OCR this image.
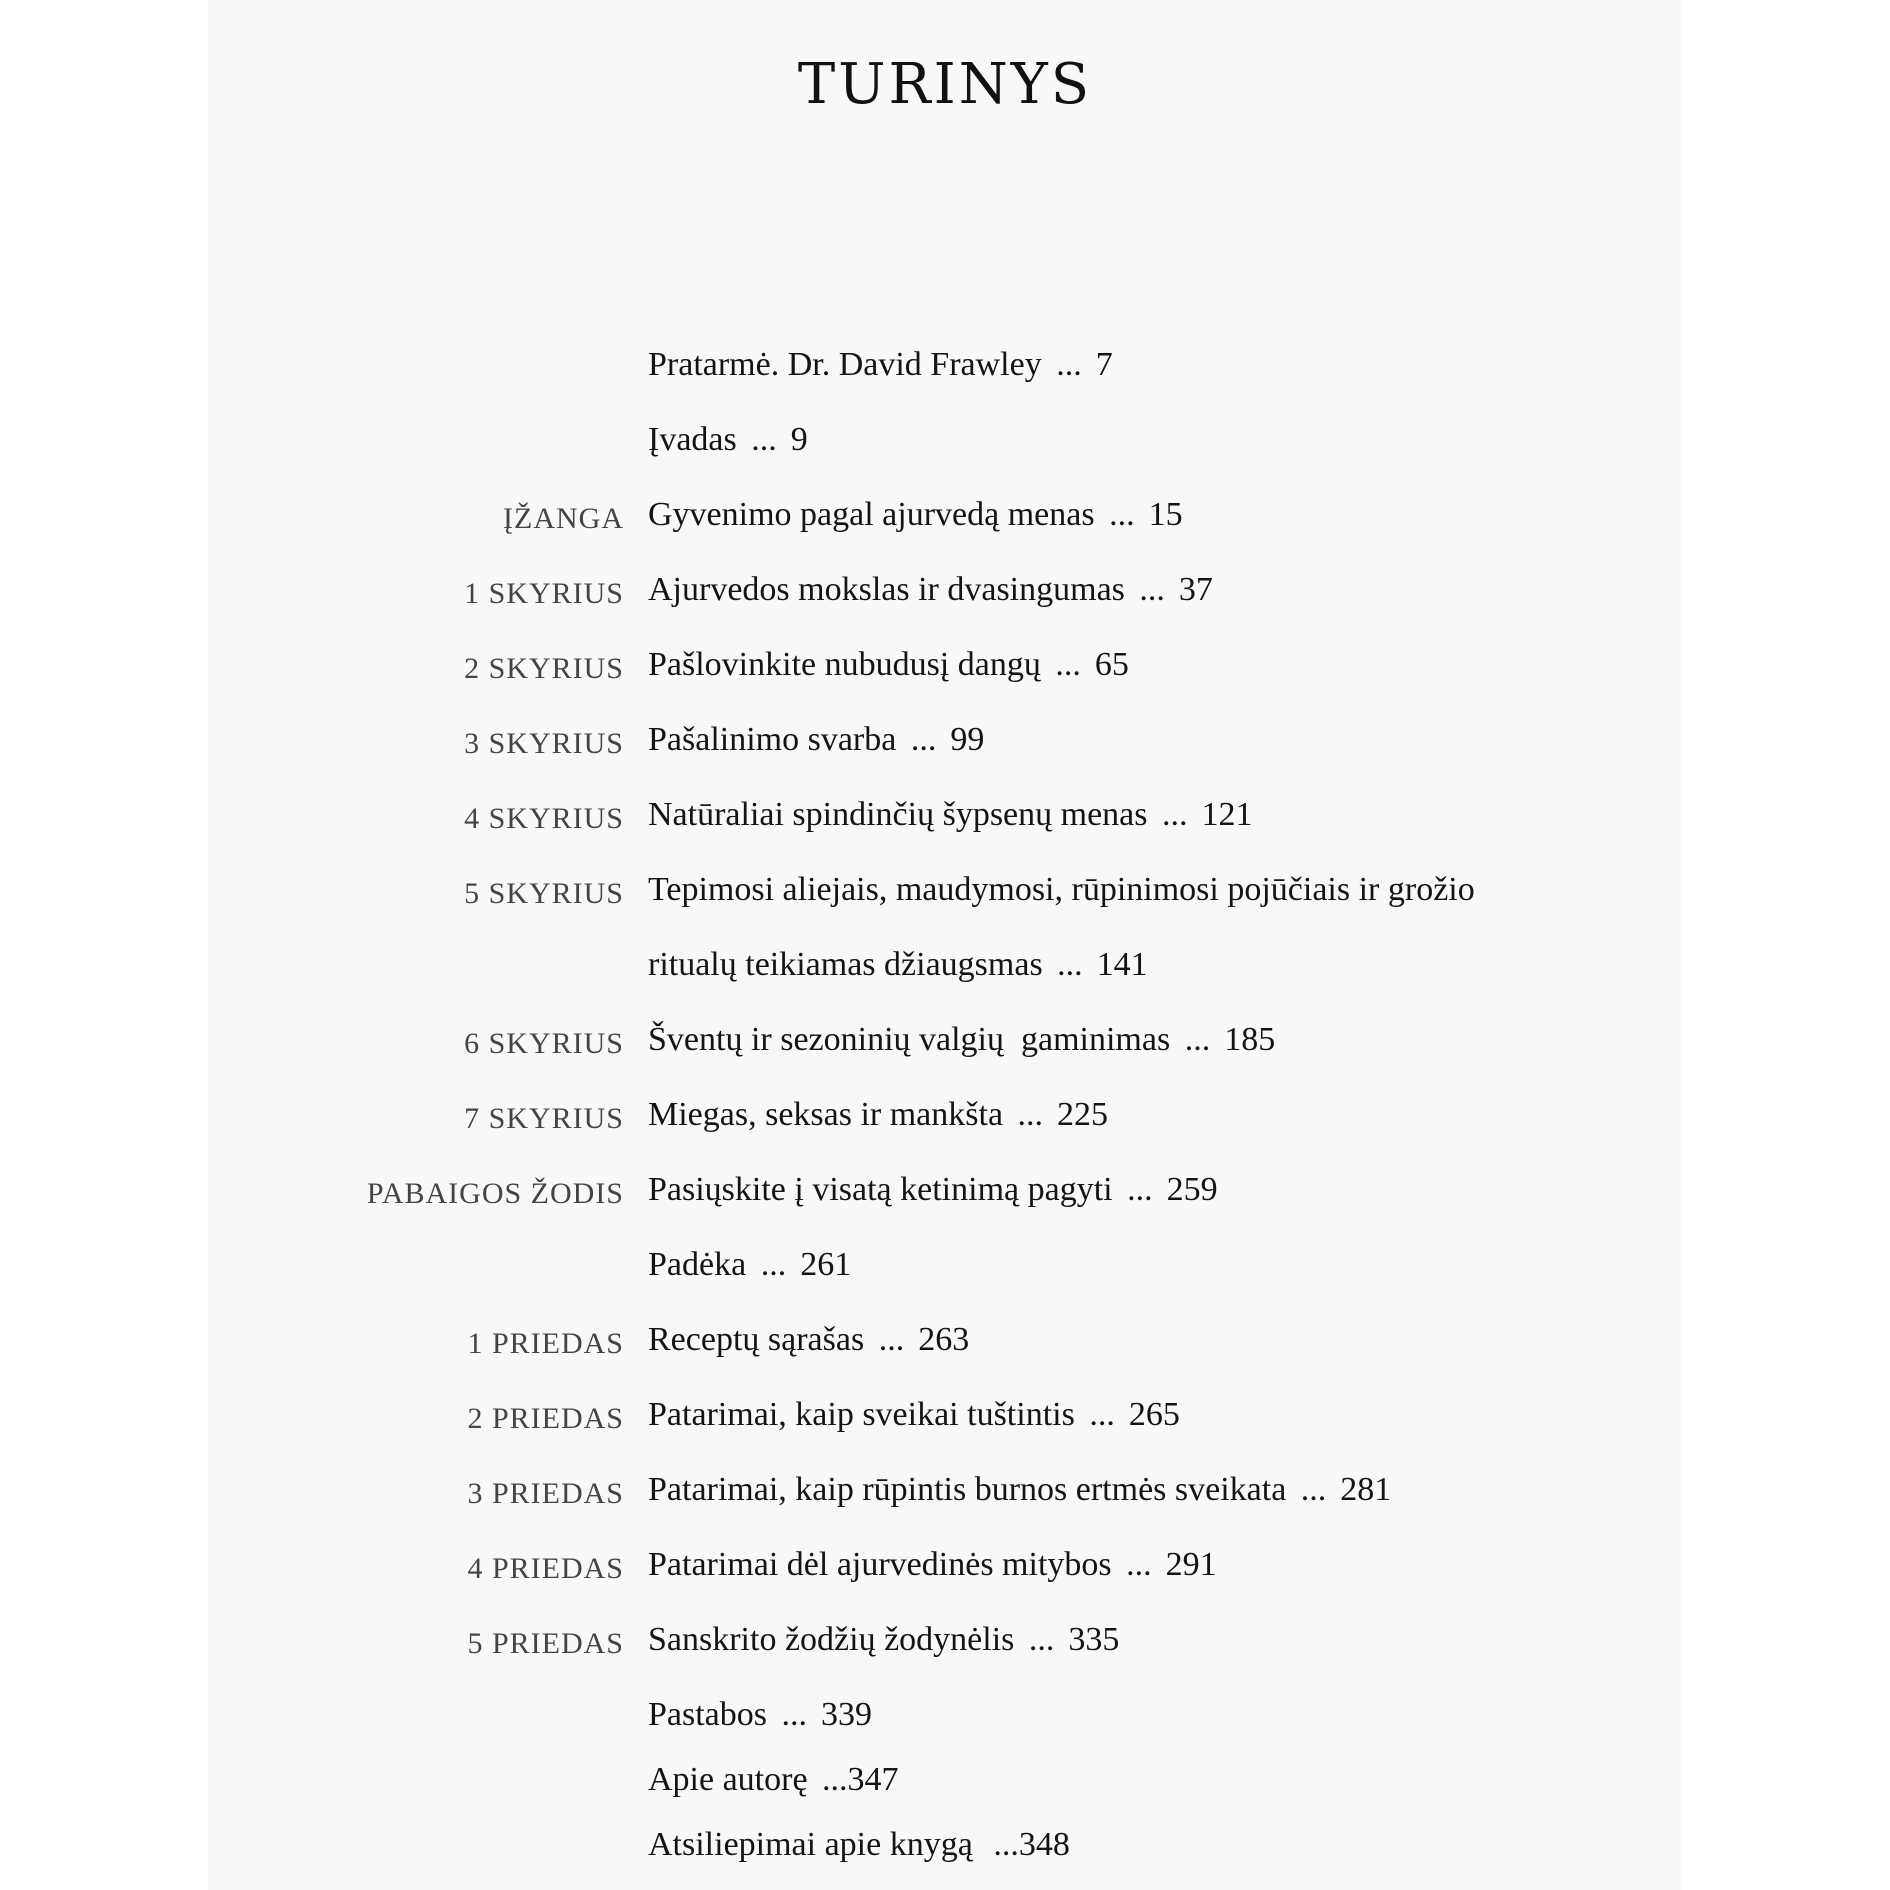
TURINYS
Pratarmė. Dr. David Frawley ... 7
Įvadas ... 9
ĮŽANGA Gyvenimo pagal ajurvedą menas ... 15
1 SKYRIUS Ajurvedos mokslas ir dvasingumas ... 37
2 SKYRIUS Pašlovinkite nubudusį dangų ... 65
3 SKYRIUS Pašalinimo svarba ... 99
4 SKYRIUS Natūraliai spindinčių šypsenų menas ... 121
5 SKYRIUS Tepimosi aliejais, maudymosi, rūpinimosi pojūčiais ir grožio
ritualų teikiamas džiaugsmas ... 141
6 SKYRIUS Šventų ir sezoninių valgių  gaminimas ... 185
7 SKYRIUS Miegas, seksas ir mankšta ... 225
PABAIGOS ŽODIS Pasiųskite į visatą ketinimą pagyti ... 259
Padėka ... 261
1 PRIEDAS Receptų sąrašas ... 263
2 PRIEDAS Patarimai, kaip sveikai tuštintis ... 265
3 PRIEDAS Patarimai, kaip rūpintis burnos ertmės sveikata ... 281
4 PRIEDAS Patarimai dėl ajurvedinės mitybos ... 291
5 PRIEDAS Sanskrito žodžių žodynėlis ... 335
Pastabos ... 339
Apie autorę ...347
Atsiliepimai apie knygą ...348
